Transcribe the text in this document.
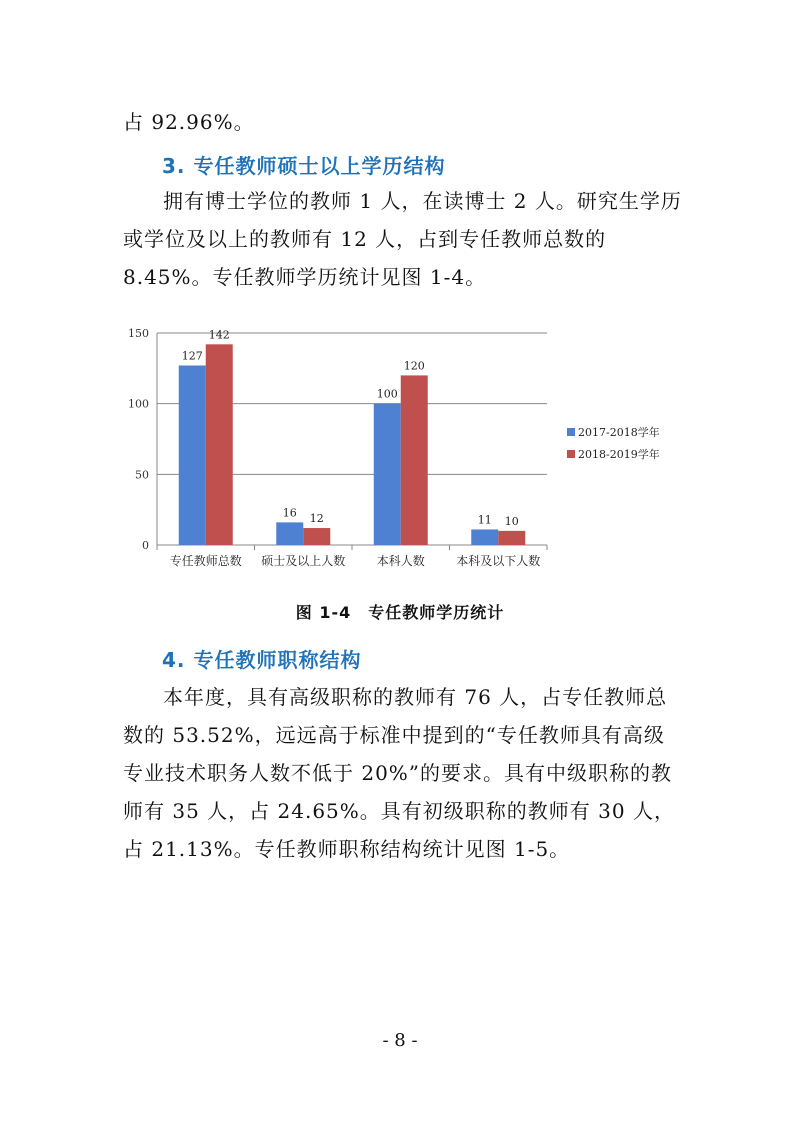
占 92.96%。

3. 专任教师硕士以上学历结构

拥有博士学位的教师 1 人，在读博士 2 人。研究生学历或学位及以上的教师有 12 人，占到专任教师总数的 8.45%。专任教师学历统计见图 1-4。

0
50
100
150
127
142
专任教师总数
16 12
硕士及以上人数
100
120
本科人数
11 10
本科及以下人数
2017-2018学年
2018-2019学年
图 1-4　专任教师学历统计

4. 专任教师职称结构

本年度，具有高级职称的教师有 76 人，占专任教师总数的 53.52%，远远高于标准中提到的“专任教师具有高级专业技术职务人数不低于 20%”的要求。具有中级职称的教师有 35 人，占 24.65%。具有初级职称的教师有 30 人，占 21.13%。专任教师职称结构统计见图 1-5。

- 8 -
